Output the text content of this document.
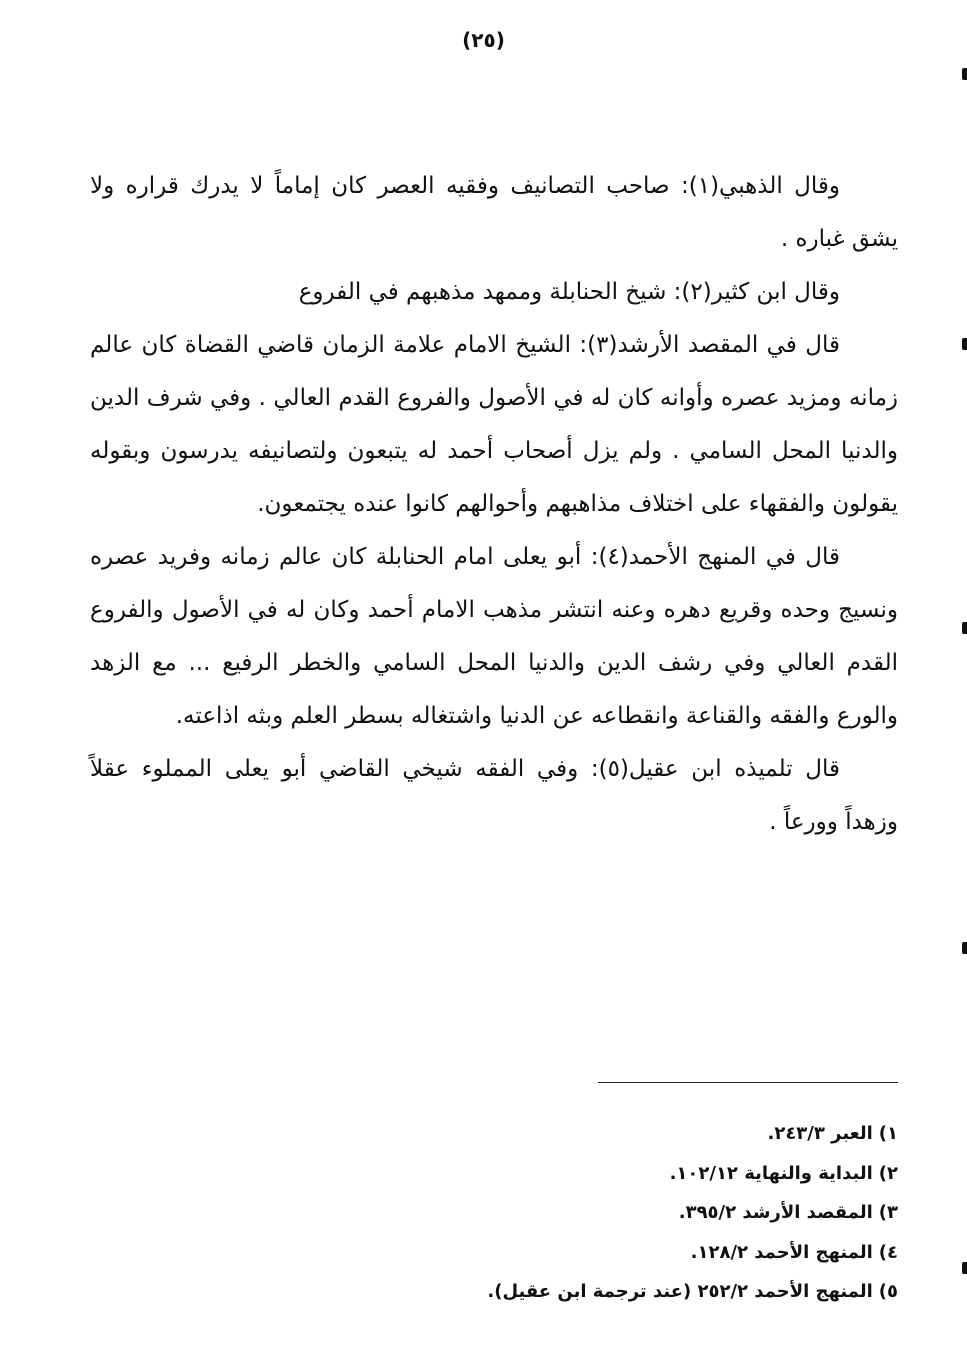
(٢٥)

وقال الذهبي(١): صاحب التصانيف وفقيه العصر كان إماماً لا يدرك قراره ولا يشق غباره .

وقال ابن كثير(٢): شيخ الحنابلة وممهد مذهبهم في الفروع

قال في المقصد الأرشد(٣): الشيخ الامام علامة الزمان قاضي القضاة كان عالم زمانه ومزيد عصره وأوانه كان له في الأصول والفروع القدم العالي . وفي شرف الدين والدنيا المحل السامي . ولم يزل أصحاب أحمد له يتبعون ولتصانيفه يدرسون وبقوله يقولون والفقهاء على اختلاف مذاهبهم وأحوالهم كانوا عنده يجتمعون.

قال في المنهج الأحمد(٤): أبو يعلى امام الحنابلة كان عالم زمانه وفريد عصره ونسيج وحده وقريع دهره وعنه انتشر مذهب الامام أحمد وكان له في الأصول والفروع القدم العالي وفي رشف الدين والدنيا المحل السامي والخطر الرفيع ... مع الزهد والورع والفقه والقناعة وانقطاعه عن الدنيا واشتغاله بسطر العلم وبثه اذاعته.

قال تلميذه ابن عقيل(٥): وفي الفقه شيخي القاضي أبو يعلى المملوء عقلاً وزهداً وورعاً .

١)العبر ٢٤٣/٣.

٢)البداية والنهاية ١٠٢/١٢.

٣)المقصد الأرشد ٣٩٥/٢.

٤)المنهج الأحمد ١٢٨/٢.

٥)المنهج الأحمد ٢٥٢/٢ (عند ترجمة ابن عقيل).
